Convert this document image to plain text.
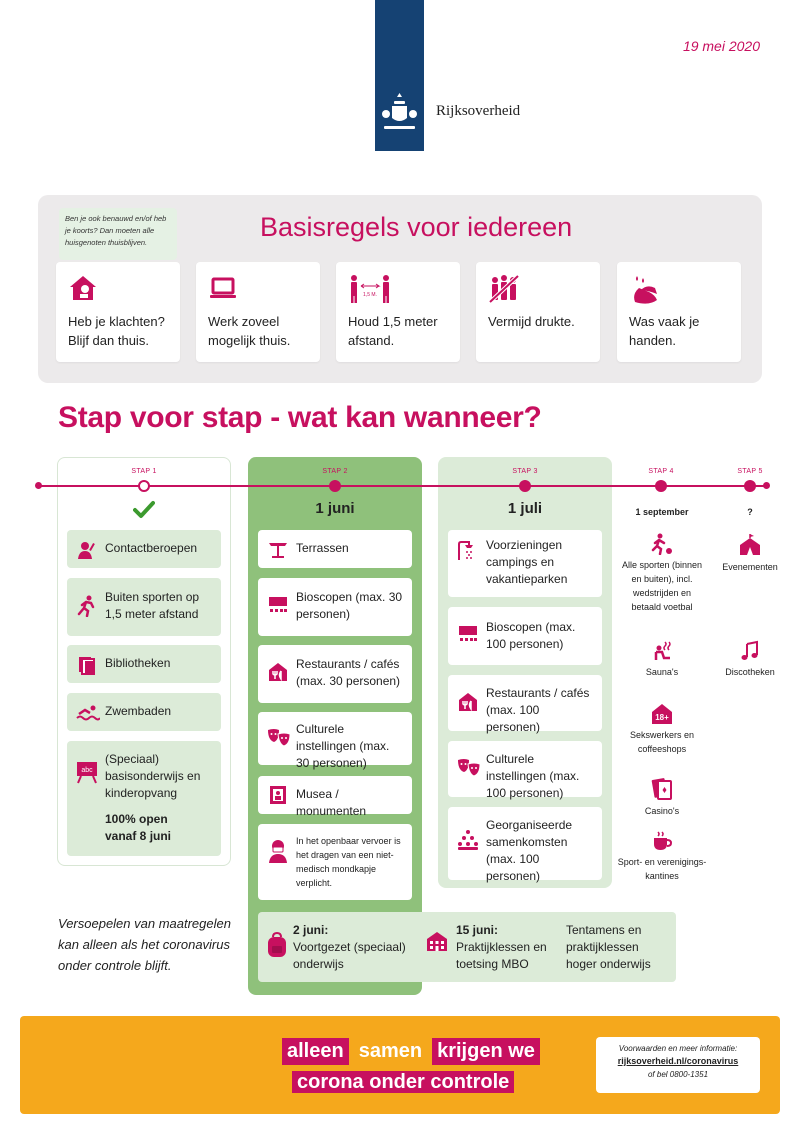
Rijksoverheid
19 mei 2020
Ben je ook benauwd en/of heb je koorts? Dan moeten alle huisgenoten thuisblijven.
Basisregels voor iedereen
Heb je klachten? Blijf dan thuis.
Werk zoveel mogelijk thuis.
1,5 M.
Houd 1,5 meter afstand.
Vermijd drukte.	Was vaak je handen.
Stap voor stap - wat kan wanneer?
STAP 1	STAP 2	STAP 3	STAP 4	STAP 5
1 juni	1 juli	1 september	?
Contactberoepen
Buiten sporten op 1,5 meter afstand
Bibliotheken
Zwembaden
abc
(Speciaal) basisonderwijs en kinderopvang
100% open vanaf 8 juni
Terrassen
Bioscopen (max. 30 personen)
Restaurants / cafés (max. 30 personen)
Culturele instellingen (max. 30 personen)
Musea / monumenten
In het openbaar vervoer is het dragen van een niet-medisch mondkapje verplicht.
Voorzieningen campings en vakantieparken
Bioscopen (max. 100 personen)
Restaurants / cafés (max. 100 personen)
Culturele instellingen (max. 100 personen)
Georganiseerde samenkomsten (max. 100 personen)
Alle sporten (binnen en buiten), incl. wedstrijden en betaald voetbal
Sauna's
18+
Sekswerkers en coffeeshops
Casino's
Sport- en verenigings-kantines
Evenementen
Discotheken
Versoepelen van maatregelen kan alleen als het coronavirus onder controle blijft.
2 juni:
Voortgezet (speciaal) onderwijs
15 juni:
Praktijklessen en toetsing MBO
Tentamens en praktijklessen hoger onderwijs
alleen samen krijgen we
corona onder controle
Voorwaarden en meer informatie:
rijksoverheid.nl/coronavirus
of bel 0800-1351
